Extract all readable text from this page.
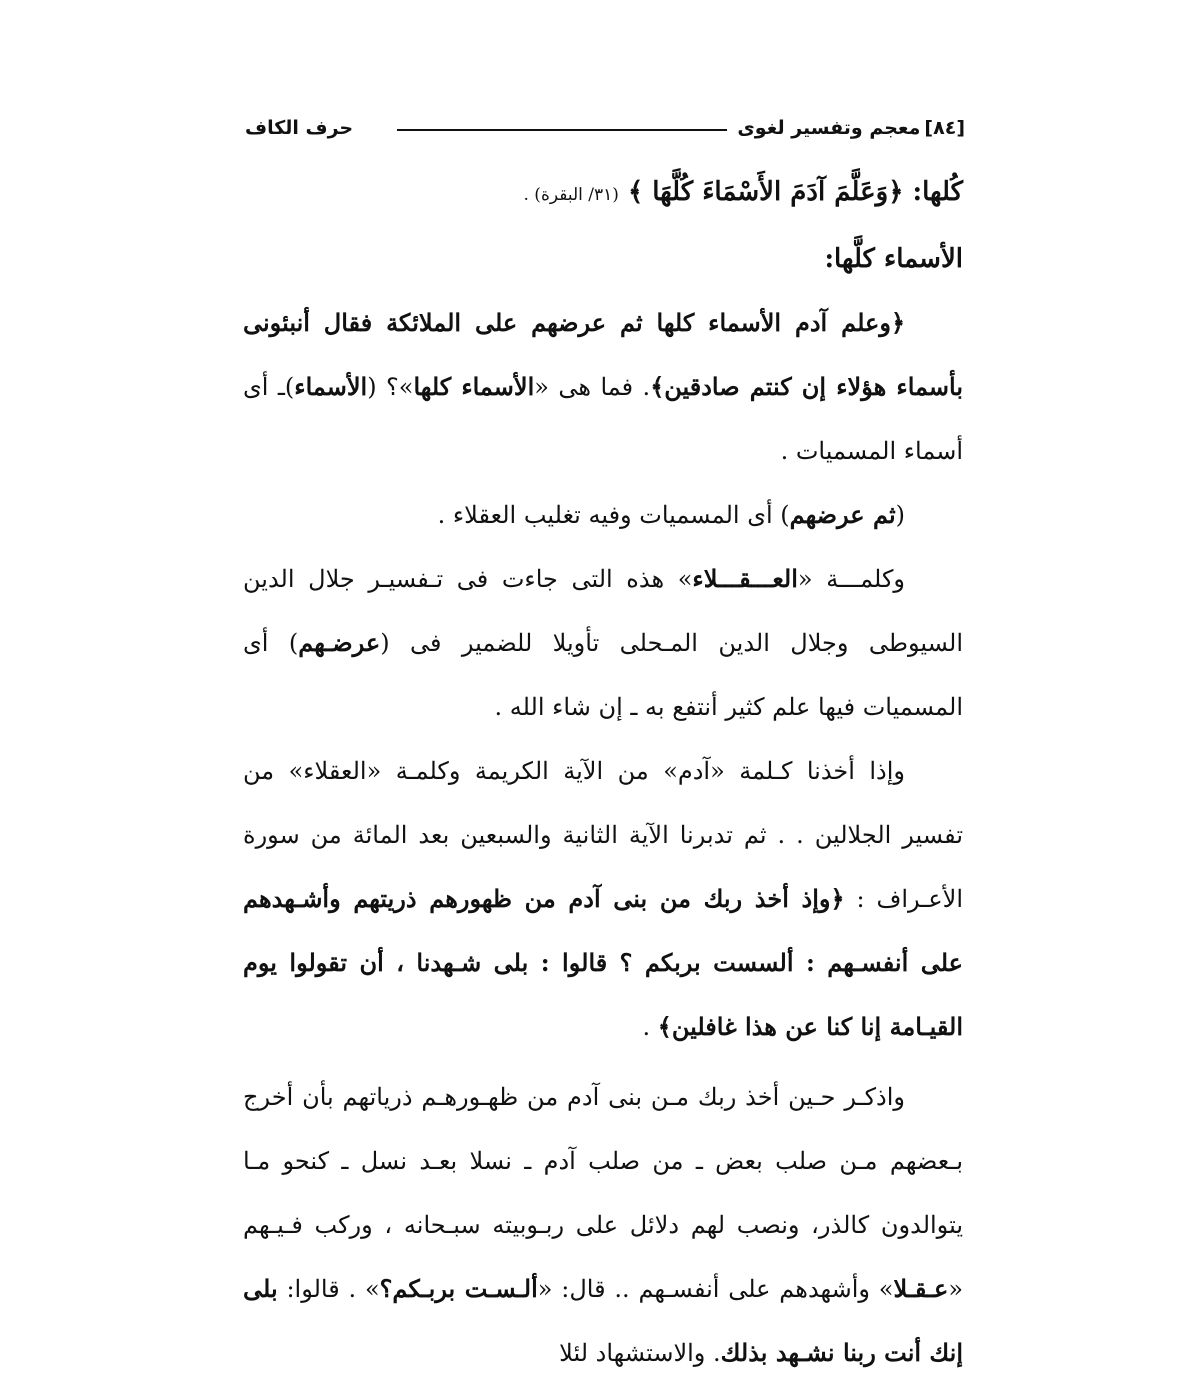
[٨٤]
معجم وتفسير لغوى
حرف الكاف

كُلها: ﴿وَعَلَّمَ آدَمَ الأَسْمَاءَ كُلَّهَا ﴾ (٣١/ البقرة) .

الأسماء كلَّها:

﴿وعلم آدم الأسماء كلها ثم عرضهم على الملائكة فقال أنبئونى بأسماء هؤلاء إن كنتم صادقين﴾. فما هى «الأسماء كلها»؟ (الأسماء)ـ أى أسماء المسميات .

(ثم عرضهم) أى المسميات وفيه تغليب العقلاء .

وكلمـــة «العـــقـــلاء» هذه التى جاءت فى تـفسيـر جلال الدين السيوطى وجلال الدين المـحلى تأويلا للضمير فى (عرضـهم) أى المسميات فيها علم كثير أنتفع به ـ إن شاء الله .

وإذا أخذنا كـلمة «آدم» من الآية الكريمة وكلمـة «العقلاء» من تفسير الجلالين . . ثم تدبرنا الآية الثانية والسبعين بعد المائة من سورة الأعـراف : ﴿وإذ أخذ ربك من بنى آدم من ظهورهم ذريتهم وأشـهدهم على أنفسـهم : ألسست بربكم ؟ قالوا : بلى شـهدنا ، أن تقولوا يوم القيـامة إنا كنا عن هذا غافلين﴾ .

واذكـر حـين أخذ ربك مـن بنى آدم من ظهـورهـم ذرياتهم بأن أخرج بـعضهم مـن صلب بعض ـ من صلب آدم ـ نسلا بعـد نسل ـ كنحو مـا يتوالدون كالذر، ونصب لهم دلائل على ربـوبيته سبـحانه ، وركب فـيـهم «عـقـلا» وأشهدهم على أنفسـهم .. قال: «ألـسـت بربـكم؟» . قالوا: بلى إنك أنت ربنا نشـهد بذلك. والاستشهاد لئلا
